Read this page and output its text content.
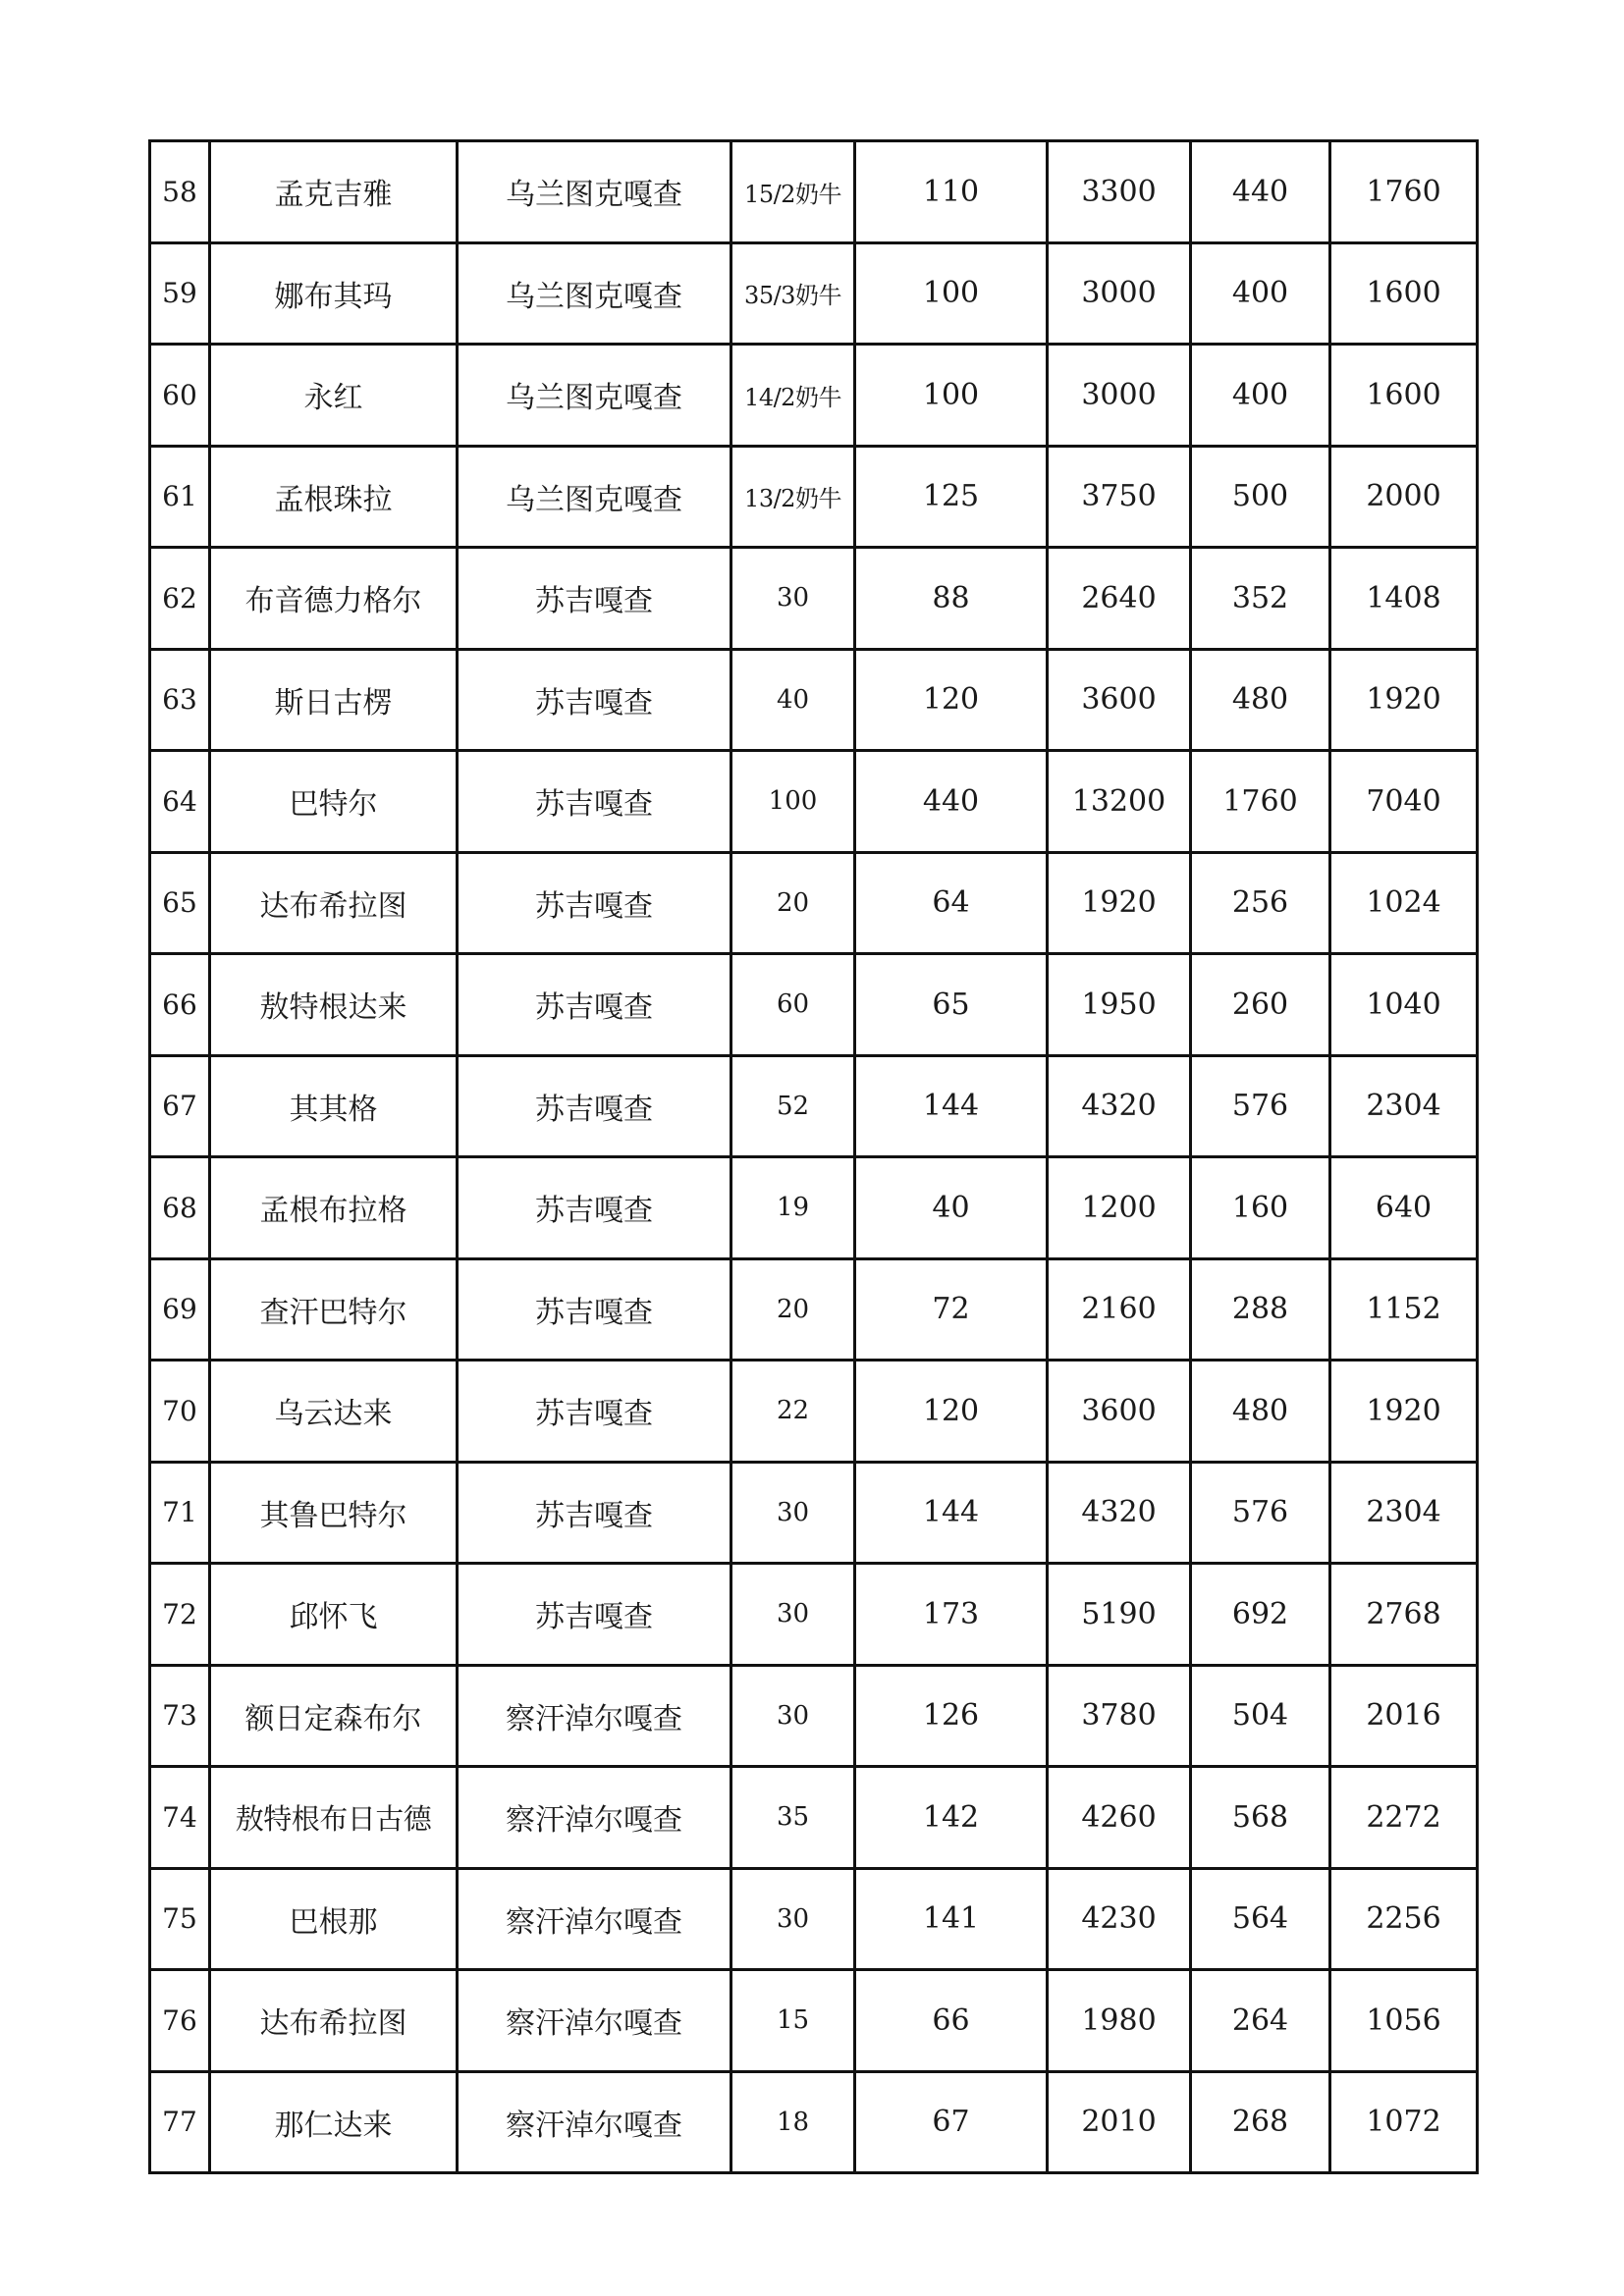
58	孟克吉雅	乌兰图克嘎查	15/2奶牛	110	3300	440	1760
59	娜布其玛	乌兰图克嘎查	35/3奶牛	100	3000	400	1600
60	永红	乌兰图克嘎查	14/2奶牛	100	3000	400	1600
61	孟根珠拉	乌兰图克嘎查	13/2奶牛	125	3750	500	2000
62	布音德力格尔	苏吉嘎查	30	88	2640	352	1408
63	斯日古楞	苏吉嘎查	40	120	3600	480	1920
64	巴特尔	苏吉嘎查	100	440	13200	1760	7040
65	达布希拉图	苏吉嘎查	20	64	1920	256	1024
66	敖特根达来	苏吉嘎查	60	65	1950	260	1040
67	其其格	苏吉嘎查	52	144	4320	576	2304
68	孟根布拉格	苏吉嘎查	19	40	1200	160	640
69	查汗巴特尔	苏吉嘎查	20	72	2160	288	1152
70	乌云达来	苏吉嘎查	22	120	3600	480	1920
71	其鲁巴特尔	苏吉嘎查	30	144	4320	576	2304
72	邱怀飞	苏吉嘎查	30	173	5190	692	2768
73	额日定森布尔	察汗淖尔嘎查	30	126	3780	504	2016
74	敖特根布日古德	察汗淖尔嘎查	35	142	4260	568	2272
75	巴根那	察汗淖尔嘎查	30	141	4230	564	2256
76	达布希拉图	察汗淖尔嘎查	15	66	1980	264	1056
77	那仁达来	察汗淖尔嘎查	18	67	2010	268	1072
